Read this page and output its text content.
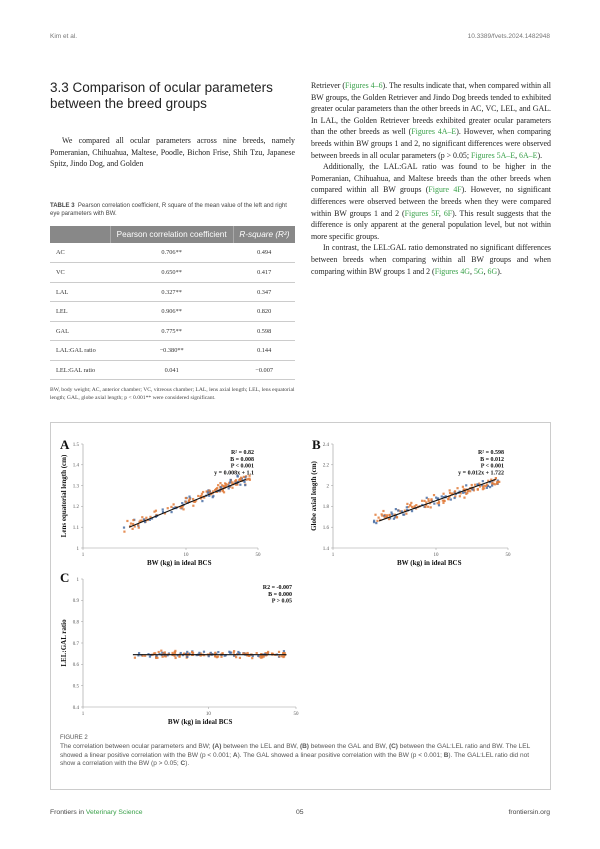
Kim et al.	10.3389/fvets.2024.1482948
3.3 Comparison of ocular parameters between the breed groups

We compared all ocular parameters across nine breeds, namely Pomeranian, Chihuahua, Maltese, Poodle, Bichon Frise, Shih Tzu, Japanese Spitz, Jindo Dog, and Golden

TABLE 3 Pearson correlation coefficient, R square of the mean value of the left and right eye parameters with BW.
	Pearson correlation coefficient	R-square (R²)
AC	0.706**	0.494
VC	0.650**	0.417
LAL	0.327**	0.347
LEL	0.906**	0.820
GAL	0.775**	0.598
LAL:GAL ratio	−0.380**	0.144
LEL:GAL ratio	0.041	−0.007
BW, body weight; AC, anterior chamber; VC, vitreous chamber; LAL, lens axial length; LEL, lens equatorial length; GAL, globe axial length; p < 0.001** were considered significant.

Retriever (Figures 4–6). The results indicate that, when compared within all BW groups, the Golden Retriever and Jindo Dog breeds tended to exhibited greater ocular parameters than the other breeds in AC, VC, LEL, and GAL. In LAL, the Golden Retriever breeds exhibited greater ocular parameters than the other breeds as well (Figures 4A–E). However, when comparing breeds within BW groups 1 and 2, no significant differences were observed between breeds in all ocular parameters (p > 0.05; Figures 5A–E, 6A–E).

Additionally, the LAL:GAL ratio was found to be higher in the Pomeranian, Chihuahua, and Maltese breeds than the other breeds when compared within all BW groups (Figure 4F). However, no significant differences were observed between the breeds when they were compared within BW groups 1 and 2 (Figures 5F, 6F). This result suggests that the difference is only apparent at the general population level, but not within more specific groups.

In contrast, the LEL:GAL ratio demonstrated no significant differences between breeds when comparing within all BW groups and when comparing within BW groups 1 and 2 (Figures 4G, 5G, 6G).

A
1
1.1
1.2
1.3
1.4
1.5
1	10	50
BW (kg) in ideal BCS
Lens equatorial length (cm)
R² = 0.82
B = 0.008
P < 0.001
y = 0.008x + 1.1
B
1.4
1.6
1.8
2
2.2
2.4
1	10	50
BW (kg) in ideal BCS
Globe axial length (cm)
R² = 0.598
B = 0.012
P < 0.001
y = 0.012x + 1.722
C
0.4
0.5
0.6
0.7
0.8
0.9
1
1	10	50
BW (kg) in ideal BCS
LEL:GAL ratio
R2 = -0.007
B = 0.000
P > 0.05
FIGURE 2
The correlation between ocular parameters and BW; (A) between the LEL and BW, (B) between the GAL and BW, (C) between the GAL:LEL ratio and BW. The LEL showed a linear positive correlation with the BW (p < 0.001; A). The GAL showed a linear positive correlation with the BW (p < 0.001; B). The GAL:LEL ratio did not show a correlation with the BW (p > 0.05; C).
Frontiers in Veterinary Science	05	frontiersin.org
